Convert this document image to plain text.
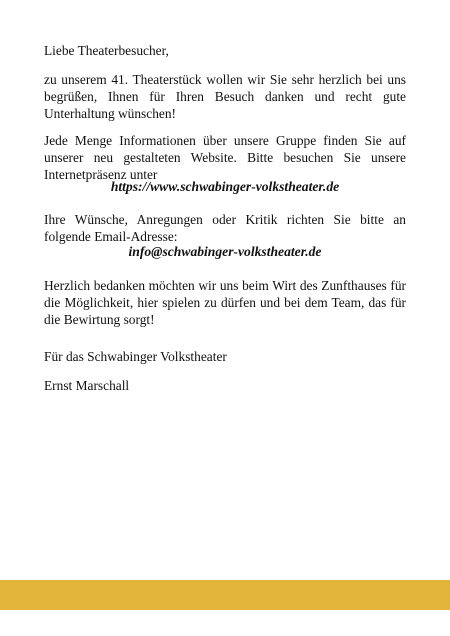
Liebe Theaterbesucher,

zu unserem 41. Theaterstück wollen wir Sie sehr herzlich bei uns begrüßen, Ihnen für Ihren Besuch danken und recht gute Unterhaltung wünschen!

Jede Menge Informationen über unsere Gruppe finden Sie auf unserer neu gestalteten Website. Bitte besuchen Sie unsere Internetpräsenz unter

https://www.schwabinger-volkstheater.de

Ihre Wünsche, Anregungen oder Kritik richten Sie bitte an folgende Email-Adresse:

info@schwabinger-volkstheater.de

Herzlich bedanken möchten wir uns beim Wirt des Zunfthauses für die Möglichkeit, hier spielen zu dürfen und bei dem Team, das für die Bewirtung sorgt!

Für das Schwabinger Volkstheater
Ernst Marschall
